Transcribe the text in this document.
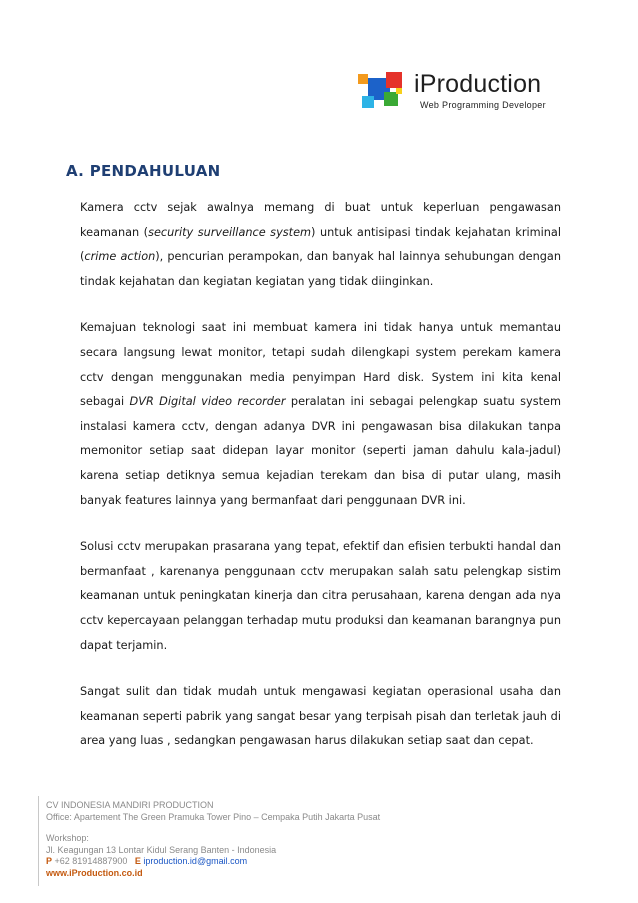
iProduction
Web Programming Developer
A. PENDAHULUAN

Kamera cctv sejak awalnya memang di buat untuk keperluan pengawasan keamanan (security surveillance system) untuk antisipasi tindak kejahatan kriminal (crime action), pencurian perampokan, dan banyak hal lainnya sehubungan dengan tindak kejahatan dan kegiatan kegiatan yang tidak diinginkan.

Kemajuan teknologi saat ini membuat kamera ini tidak hanya untuk memantau secara langsung lewat monitor, tetapi sudah dilengkapi system perekam kamera cctv dengan menggunakan media penyimpan Hard disk. System ini kita kenal sebagai DVR Digital video recorder peralatan ini sebagai pelengkap suatu system instalasi kamera cctv, dengan adanya DVR ini pengawasan bisa dilakukan tanpa memonitor setiap saat didepan layar monitor (seperti jaman dahulu kala-jadul) karena setiap detiknya semua kejadian terekam dan bisa di putar ulang, masih banyak features lainnya yang bermanfaat dari penggunaan DVR ini.

Solusi cctv merupakan prasarana yang tepat, efektif dan efisien terbukti handal dan bermanfaat , karenanya penggunaan cctv merupakan salah satu pelengkap sistim keamanan untuk peningkatan kinerja dan citra perusahaan, karena dengan ada nya cctv kepercayaan pelanggan terhadap mutu produksi dan keamanan barangnya pun dapat terjamin.

Sangat sulit dan tidak mudah untuk mengawasi kegiatan operasional usaha dan keamanan seperti pabrik yang sangat besar yang terpisah pisah dan terletak jauh di area yang luas , sedangkan pengawasan harus dilakukan setiap saat dan cepat.

CV INDONESIA MANDIRI PRODUCTION
Office: Apartement The Green Pramuka Tower Pino – Cempaka Putih Jakarta Pusat
Workshop:
Jl. Keagungan 13 Lontar Kidul Serang Banten - Indonesia
P +62 81914887900 E iproduction.id@gmail.com
www.iProduction.co.id
